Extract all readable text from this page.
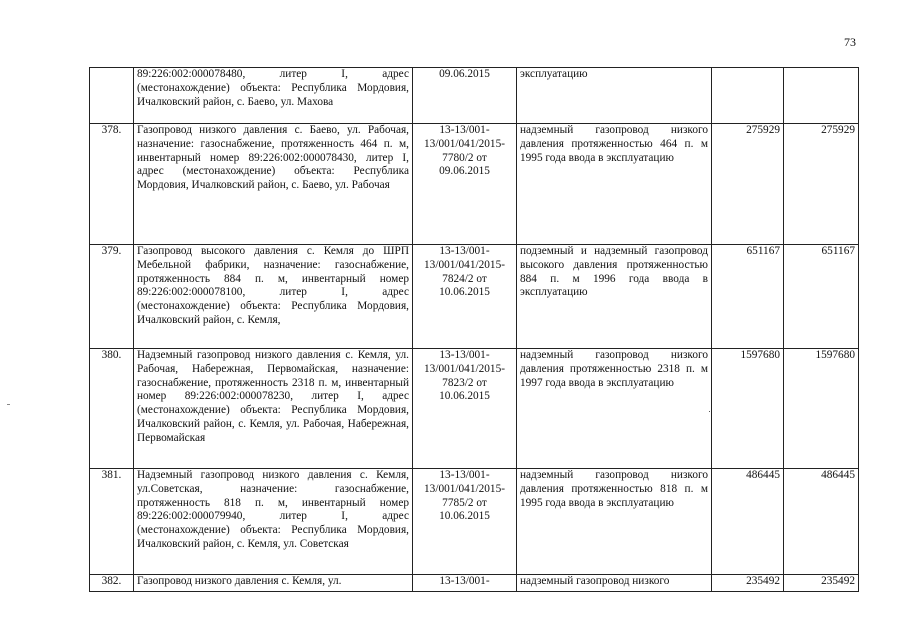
73
	89:226:002:000078480, литер I, адрес (местонахождение) объекта: Республика Мордовия, Ичалковский район, с. Баево, ул. Махова	09.06.2015	эксплуатацию		
378.	Газопровод низкого давления с. Баево, ул. Рабочая, назначение: газоснабжение, протяженность 464 п. м, инвентарный номер 89:226:002:000078430, литер I, адрес (местонахождение) объекта: Республика Мордовия, Ичалковский район, с. Баево, ул. Рабочая	13-13/001-13/001/041/2015-7780/2 от 09.06.2015	надземный газопровод низкого давления протяженностью 464 п. м 1995 года ввода в эксплуатацию	275929	275929
379.	Газопровод высокого давления с. Кемля до ШРП Мебельной фабрики, назначение: газоснабжение, протяженность 884 п. м, инвентарный номер 89:226:002:000078100, литер I, адрес (местонахождение) объекта: Республика Мордовия, Ичалковский район, с. Кемля,	13-13/001-13/001/041/2015-7824/2 от 10.06.2015	подземный и надземный газопровод высокого давления протяженностью 884 п. м 1996 года ввода в эксплуатацию	651167	651167
380.	Надземный газопровод низкого давления с. Кемля, ул. Рабочая, Набережная, Первомайская, назначение: газоснабжение, протяженность 2318 п. м, инвентарный номер 89:226:002:000078230, литер I, адрес (местонахождение) объекта: Республика Мордовия, Ичалковский район, с. Кемля, ул. Рабочая, Набережная, Первомайская	13-13/001-13/001/041/2015-7823/2 от 10.06.2015	надземный газопровод низкого давления протяженностью 2318 п. м 1997 года ввода в эксплуатацию	1597680	1597680
381.	Надземный газопровод низкого давления с. Кемля, ул.Советская, назначение: газоснабжение, протяженность 818 п. м, инвентарный номер 89:226:002:000079940, литер I, адрес (местонахождение) объекта: Республика Мордовия, Ичалковский район, с. Кемля, ул. Советская	13-13/001-13/001/041/2015-7785/2 от 10.06.2015	надземный газопровод низкого давления протяженностью 818 п. м 1995 года ввода в эксплуатацию	486445	486445
382.	Газопровод низкого давления с. Кемля, ул.	13-13/001-	надземный газопровод низкого	235492	235492
